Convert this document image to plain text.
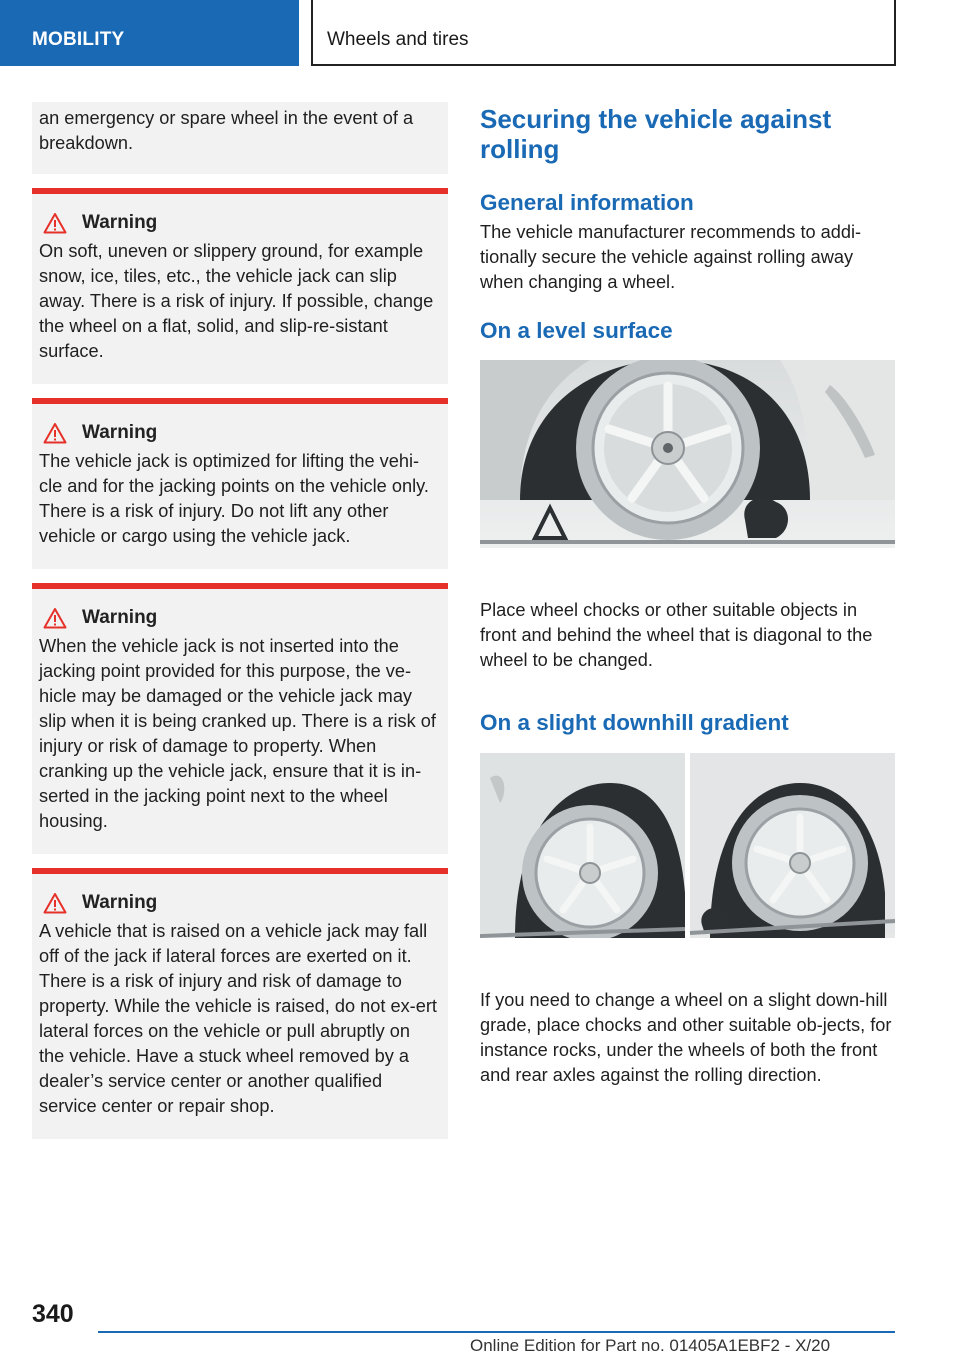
MOBILITY	Wheels and tires

an emergency or spare wheel in the event of a breakdown.

Warning

On soft, uneven or slippery ground, for example snow, ice, tiles, etc., the vehicle jack can slip away. There is a risk of injury. If possible, change the wheel on a flat, solid, and slip-re‐sistant surface.

Warning

The vehicle jack is optimized for lifting the vehi‐cle and for the jacking points on the vehicle only. There is a risk of injury. Do not lift any other vehicle or cargo using the vehicle jack.

Warning

When the vehicle jack is not inserted into the jacking point provided for this purpose, the ve‐hicle may be damaged or the vehicle jack may slip when it is being cranked up. There is a risk of injury or risk of damage to property. When cranking up the vehicle jack, ensure that it is in‐serted in the jacking point next to the wheel housing.

Warning

A vehicle that is raised on a vehicle jack may fall off of the jack if lateral forces are exerted on it. There is a risk of injury and risk of damage to property. While the vehicle is raised, do not ex‐ert lateral forces on the vehicle or pull abruptly on the vehicle. Have a stuck wheel removed by a dealer’s service center or another qualified service center or repair shop.

Securing the vehicle against rolling
General information

The vehicle manufacturer recommends to addi‐tionally secure the vehicle against rolling away when changing a wheel.

On a level surface

Place wheel chocks or other suitable objects in front and behind the wheel that is diagonal to the wheel to be changed.

On a slight downhill gradient

If you need to change a wheel on a slight down‐hill grade, place chocks and other suitable ob‐jects, for instance rocks, under the wheels of both the front and rear axles against the rolling direction.

340
Online Edition for Part no. 01405A1EBF2 - X/20
